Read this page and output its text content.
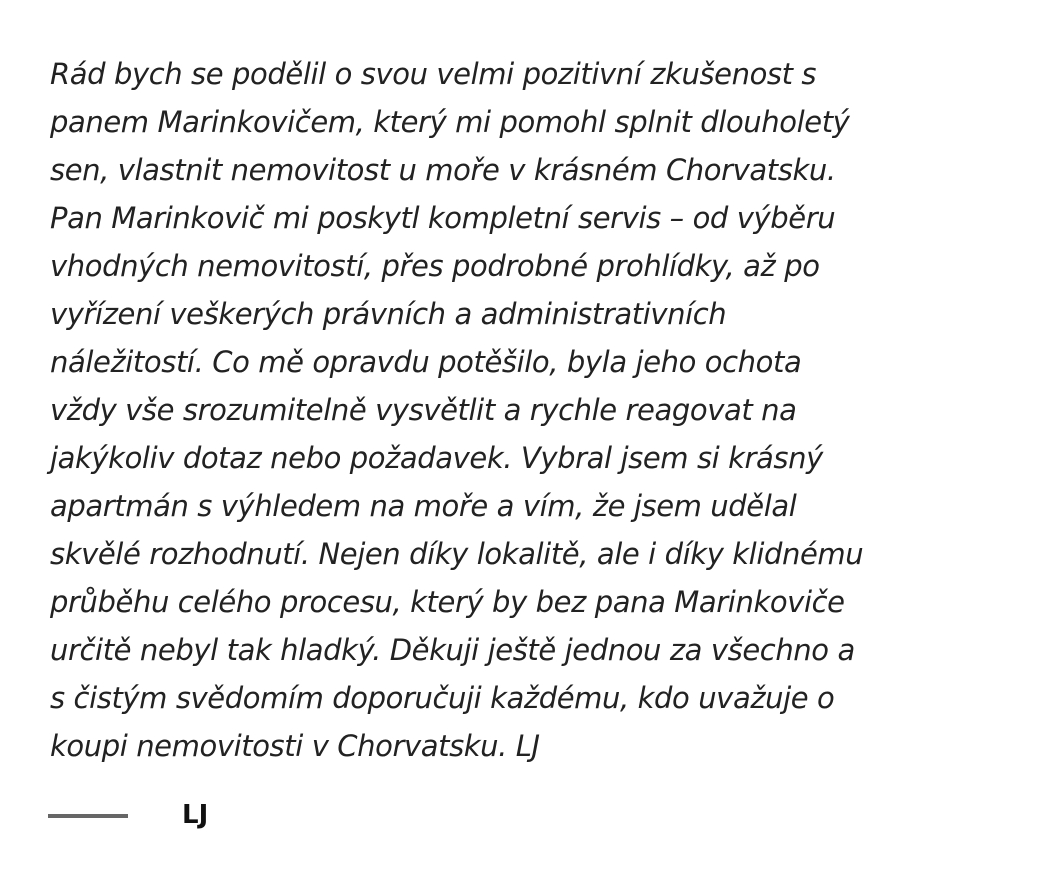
Rád bych se podělil o svou velmi pozitivní zkušenost s
panem Marinkovičem, který mi pomohl splnit dlouholetý
sen, vlastnit nemovitost u moře v krásném Chorvatsku.
Pan Marinkovič mi poskytl kompletní servis – od výběru
vhodných nemovitostí, přes podrobné prohlídky, až po
vyřízení veškerých právních a administrativních
náležitostí. Co mě opravdu potěšilo, byla jeho ochota
vždy vše srozumitelně vysvětlit a rychle reagovat na
jakýkoliv dotaz nebo požadavek. Vybral jsem si krásný
apartmán s výhledem na moře a vím, že jsem udělal
skvělé rozhodnutí. Nejen díky lokalitě, ale i díky klidnému
průběhu celého procesu, který by bez pana Marinkoviče
určitě nebyl tak hladký. Děkuji ještě jednou za všechno a
s čistým svědomím doporučuji každému, kdo uvažuje o
koupi nemovitosti v Chorvatsku. LJ
LJ
